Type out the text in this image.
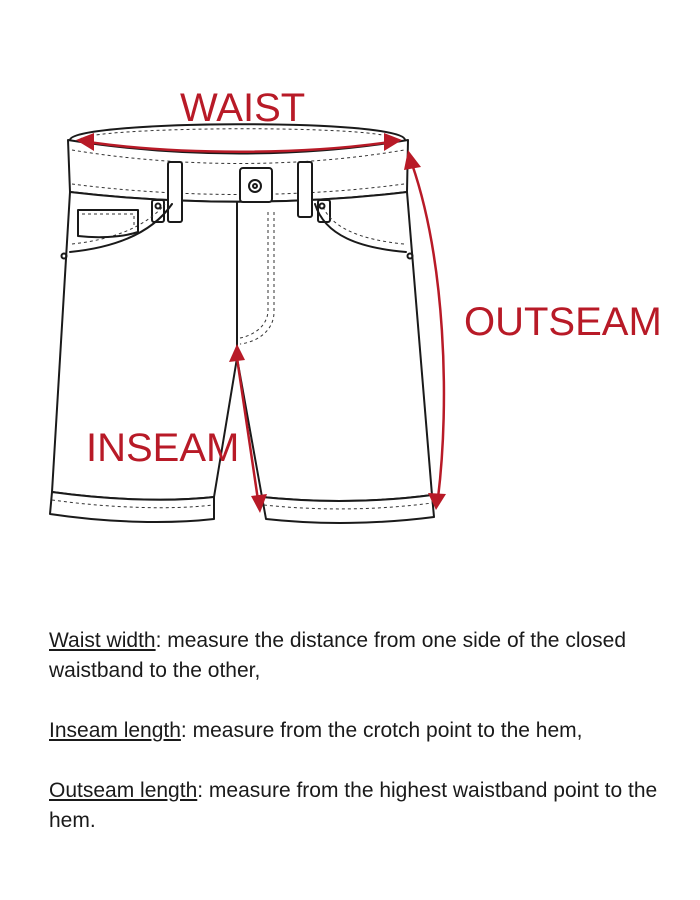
WAIST
OUTSEAM
INSEAM

Waist width: measure the distance from one side of the closed waistband to the other,

Inseam length: measure from the crotch point to the hem,

Outseam length: measure from the highest waistband point to the hem.
